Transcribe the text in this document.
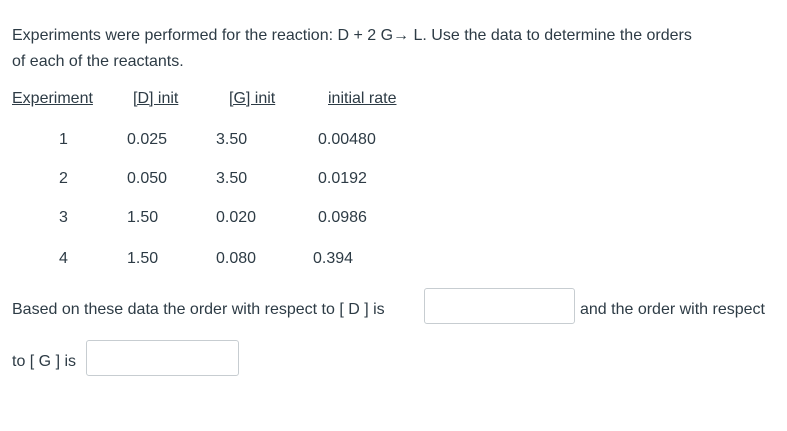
Experiments were performed for the reaction: D + 2 G→ L. Use the data to determine the orders
of each of the reactants.
Experiment	[D] init	[G] init	initial rate
1	0.025	3.50	0.00480
2	0.050	3.50	0.0192
3	1.50	0.020	0.0986
4	1.50	0.080	0.394
Based on these data the order with respect to [ D ] is	and the order with respect
to [ G ] is
